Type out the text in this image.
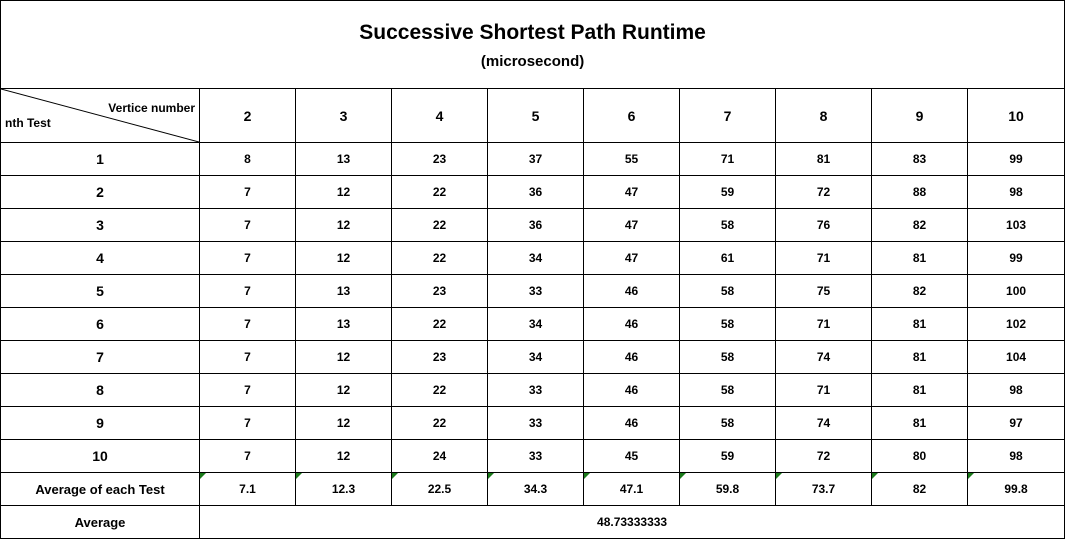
Successive Shortest Path Runtime
(microsecond)									

Vertice number
nth Test	2	3	4	5	6	7	8	9	10
1	8	13	23	37	55	71	81	83	99
2	7	12	22	36	47	59	72	88	98
3	7	12	22	36	47	58	76	82	103
4	7	12	22	34	47	61	71	81	99
5	7	13	23	33	46	58	75	82	100
6	7	13	22	34	46	58	71	81	102
7	7	12	23	34	46	58	74	81	104
8	7	12	22	33	46	58	71	81	98
9	7	12	22	33	46	58	74	81	97
10	7	12	24	33	45	59	72	80	98
Average of each Test	7.1	12.3	22.5	34.3	47.1	59.8	73.7	82	99.8
Average	48.73333333								
